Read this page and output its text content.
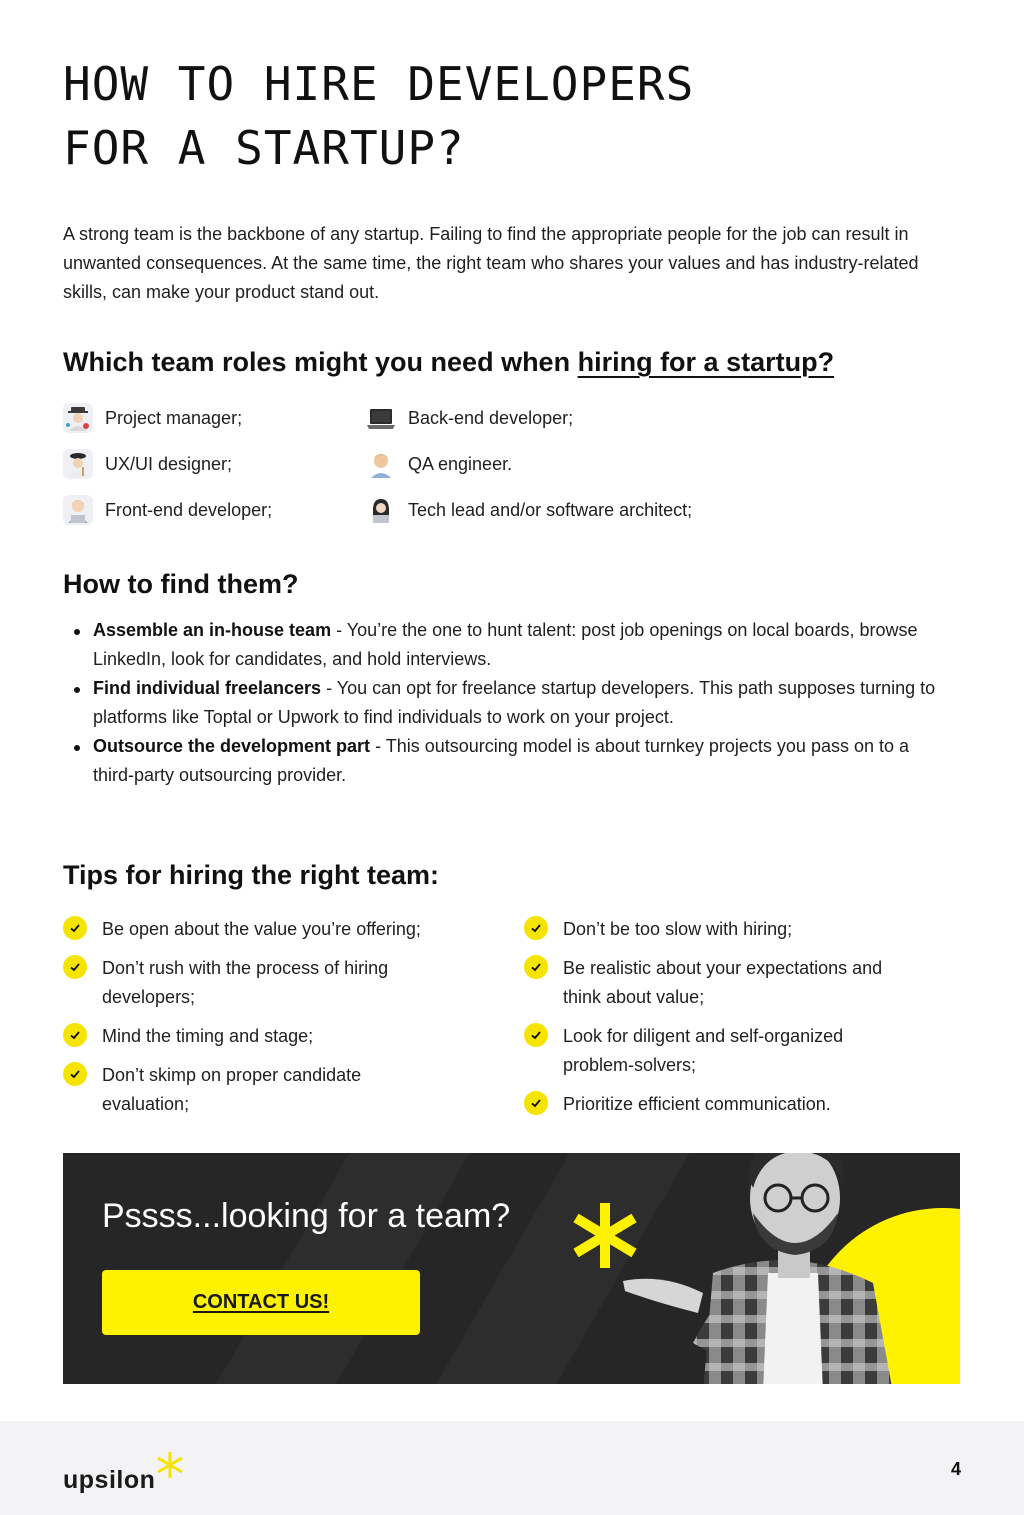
HOW TO HIRE DEVELOPERS
FOR A STARTUP?

A strong team is the backbone of any startup. Failing to find the appropriate people for the job can result in unwanted consequences. At the same time, the right team who shares your values and has industry-related skills, can make your product stand out.

Which team roles might you need when hiring for a startup?
Project manager;
UX/UI designer;
Front-end developer;
Back-end developer;
QA engineer.
Tech lead and/or software architect;
How to find them?
Assemble an in-house team - You’re the one to hunt talent: post job openings on local boards, browse LinkedIn, look for candidates, and hold interviews.
Find individual freelancers - You can opt for freelance startup developers. This path supposes turning to platforms like Toptal or Upwork to find individuals to work on your project.
Outsource the development part - This outsourcing model is about turnkey projects you pass on to a third-party outsourcing provider.
Tips for hiring the right team:
Be open about the value you’re offering;
Don’t rush with the process of hiring developers;
Mind the timing and stage;
Don’t skimp on proper candidate evaluation;
Don’t be too slow with hiring;
Be realistic about your expectations and think about value;
Look for diligent and self-organized problem-solvers;
Prioritize efficient communication.
Pssss...looking for a team?
CONTACT US!
upsilon	4
